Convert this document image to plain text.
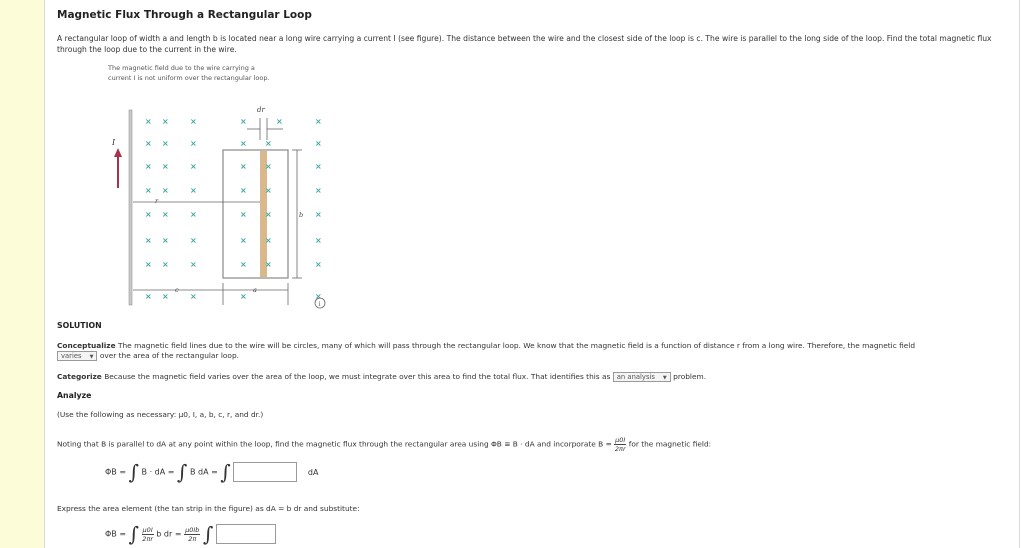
Magnetic Flux Through a Rectangular Loop
A rectangular loop of width a and length b is located near a long wire carrying a current I (see figure). The distance between the wire and the closest side of the loop is c. The wire is parallel to the long side of the loop. Find the total magnetic flux through the loop due to the current in the wire.
The magnetic field due to the wire carrying a current I is not uniform over the rectangular loop.
I
dr
r
b
c	a
× ×	×	×	×	×
× ×	×	× ×	×
× ×	×	× ×	×
× ×	×	× ×	×
× ×	×	× ×	×
× ×	×	× ×	×
× ×	×	× ×	×
× ×	×	×	×
i
SOLUTION
Conceptualize The magnetic field lines due to the wire will be circles, many of which will pass through the rectangular loop. We know that the magnetic field is a function of distance r from a long wire. Therefore, the magnetic field
varies ▼ over the area of the rectangular loop.
Categorize Because the magnetic field varies over the area of the loop, we must integrate over this area to find the total flux. That identifies this as an analysis ▼ problem.
Analyze
(Use the following as necessary: μ0, I, a, b, c, r, and dr.)
Noting that B is parallel to dA at any point within the loop, find the magnetic flux through the rectangular area using ΦB ≡ B · dA and incorporate $B = \frac{\mu 0I}{2\pi r}$ for the magnetic field:
ΦB = ∫ B · dA = ∫ B dA = ∫	dA
Express the area element (the tan strip in the figure) as dA = b dr and substitute:
ΦB = ∫ $\frac{\mu 0I}{2\pi r}$ b dr = $\frac{\mu 0Ib}{2\pi}$ ∫
